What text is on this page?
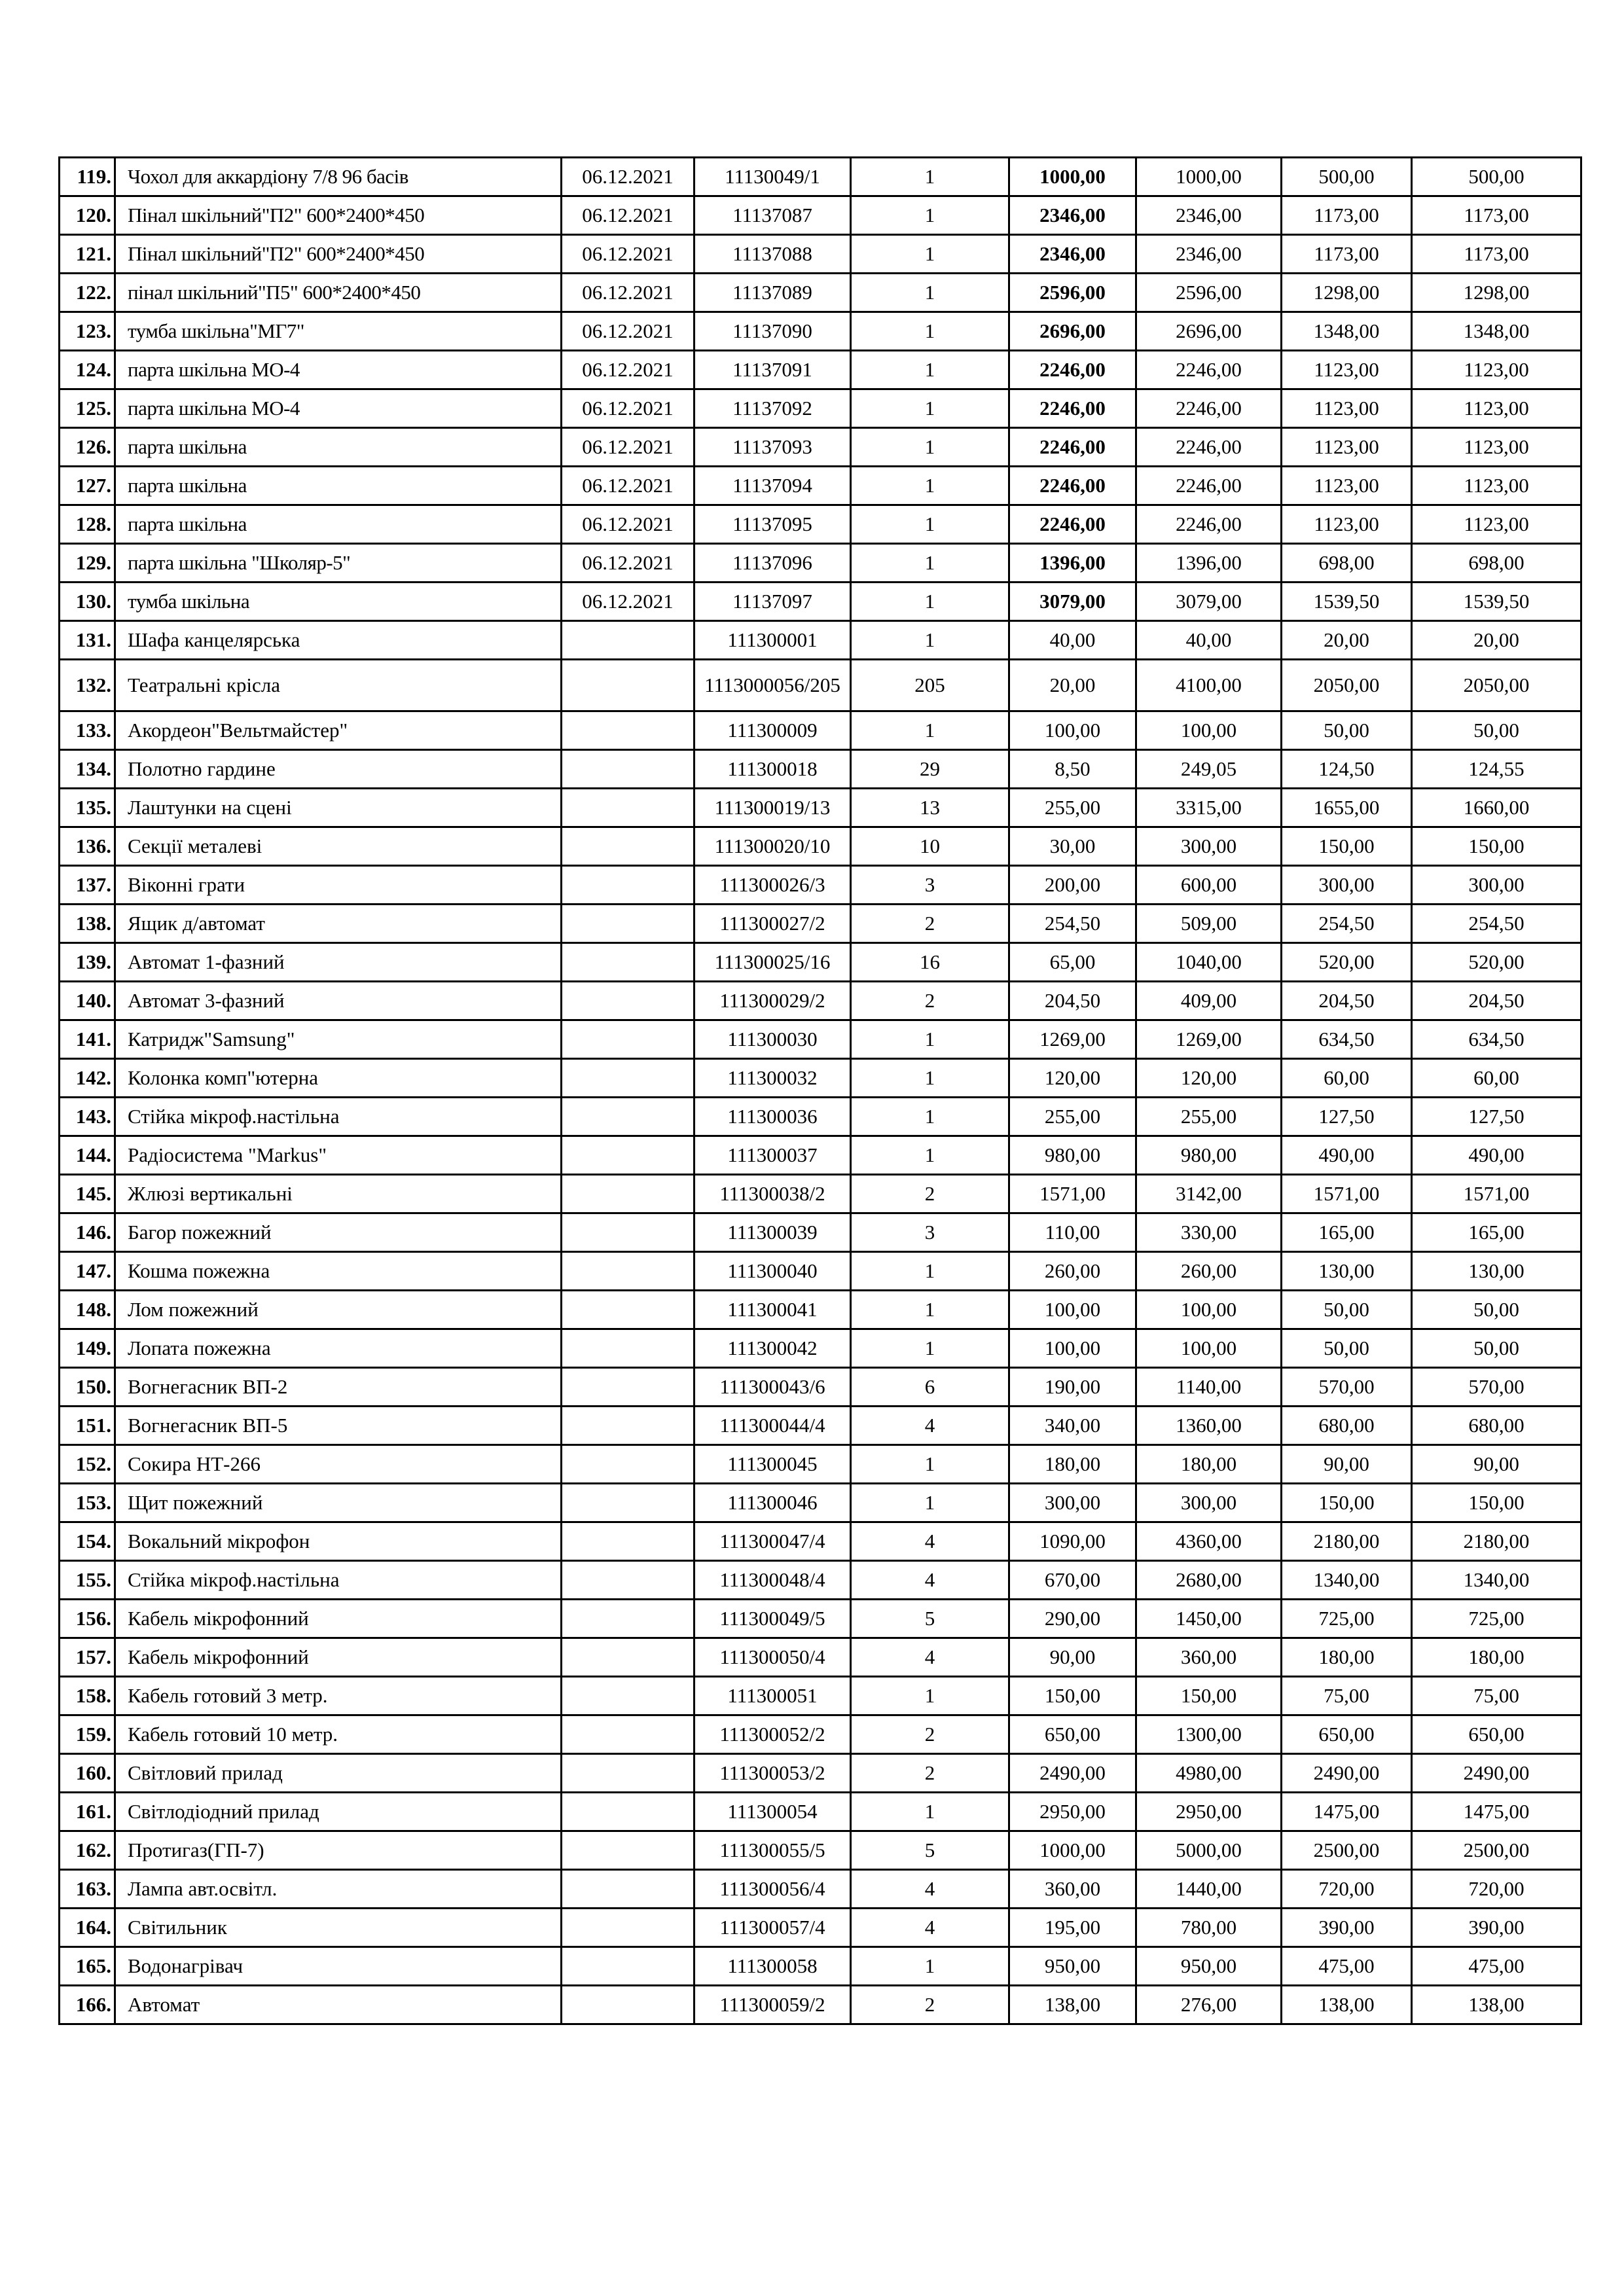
119.	Чохол для аккардіону 7/8 96 басів	06.12.2021	11130049/1	1	1000,00	1000,00	500,00	500,00
120.	Пінал шкільний"П2" 600*2400*450	06.12.2021	11137087	1	2346,00	2346,00	1173,00	1173,00
121.	Пінал шкільний"П2" 600*2400*450	06.12.2021	11137088	1	2346,00	2346,00	1173,00	1173,00
122.	пінал шкільний"П5" 600*2400*450	06.12.2021	11137089	1	2596,00	2596,00	1298,00	1298,00
123.	тумба шкільна"МГ7"	06.12.2021	11137090	1	2696,00	2696,00	1348,00	1348,00
124.	парта шкільна МО-4	06.12.2021	11137091	1	2246,00	2246,00	1123,00	1123,00
125.	парта шкільна МО-4	06.12.2021	11137092	1	2246,00	2246,00	1123,00	1123,00
126.	парта шкільна	06.12.2021	11137093	1	2246,00	2246,00	1123,00	1123,00
127.	парта шкільна	06.12.2021	11137094	1	2246,00	2246,00	1123,00	1123,00
128.	парта шкільна	06.12.2021	11137095	1	2246,00	2246,00	1123,00	1123,00
129.	парта шкільна "Школяр-5"	06.12.2021	11137096	1	1396,00	1396,00	698,00	698,00
130.	тумба шкільна	06.12.2021	11137097	1	3079,00	3079,00	1539,50	1539,50
131.	Шафа канцелярська		111300001	1	40,00	40,00	20,00	20,00
132.	Театральні крісла		1113000056/205	205	20,00	4100,00	2050,00	2050,00
133.	Акордеон"Вельтмайстер"		111300009	1	100,00	100,00	50,00	50,00
134.	Полотно гардине		111300018	29	8,50	249,05	124,50	124,55
135.	Лаштунки на сцені		111300019/13	13	255,00	3315,00	1655,00	1660,00
136.	Секції металеві		111300020/10	10	30,00	300,00	150,00	150,00
137.	Віконні грати		111300026/3	3	200,00	600,00	300,00	300,00
138.	Ящик д/автомат		111300027/2	2	254,50	509,00	254,50	254,50
139.	Автомат 1-фазний		111300025/16	16	65,00	1040,00	520,00	520,00
140.	Автомат 3-фазний		111300029/2	2	204,50	409,00	204,50	204,50
141.	Катридж"Samsung"		111300030	1	1269,00	1269,00	634,50	634,50
142.	Колонка комп"ютерна		111300032	1	120,00	120,00	60,00	60,00
143.	Стійка мікроф.настільна		111300036	1	255,00	255,00	127,50	127,50
144.	Радіосистема "Markus"		111300037	1	980,00	980,00	490,00	490,00
145.	Жлюзі вертикальні		111300038/2	2	1571,00	3142,00	1571,00	1571,00
146.	Багор пожежний		111300039	3	110,00	330,00	165,00	165,00
147.	Кошма пожежна		111300040	1	260,00	260,00	130,00	130,00
148.	Лом пожежний		111300041	1	100,00	100,00	50,00	50,00
149.	Лопата пожежна		111300042	1	100,00	100,00	50,00	50,00
150.	Вогнегасник ВП-2		111300043/6	6	190,00	1140,00	570,00	570,00
151.	Вогнегасник ВП-5		111300044/4	4	340,00	1360,00	680,00	680,00
152.	Сокира НТ-266		111300045	1	180,00	180,00	90,00	90,00
153.	Щит пожежний		111300046	1	300,00	300,00	150,00	150,00
154.	Вокальний мікрофон		111300047/4	4	1090,00	4360,00	2180,00	2180,00
155.	Стійка мікроф.настільна		111300048/4	4	670,00	2680,00	1340,00	1340,00
156.	Кабель мікрофонний		111300049/5	5	290,00	1450,00	725,00	725,00
157.	Кабель мікрофонний		111300050/4	4	90,00	360,00	180,00	180,00
158.	Кабель готовий 3 метр.		111300051	1	150,00	150,00	75,00	75,00
159.	Кабель готовий 10 метр.		111300052/2	2	650,00	1300,00	650,00	650,00
160.	Світловий прилад		111300053/2	2	2490,00	4980,00	2490,00	2490,00
161.	Світлодіодний прилад		111300054	1	2950,00	2950,00	1475,00	1475,00
162.	Протигаз(ГП-7)		111300055/5	5	1000,00	5000,00	2500,00	2500,00
163.	Лампа авт.освітл.		111300056/4	4	360,00	1440,00	720,00	720,00
164.	Світильник		111300057/4	4	195,00	780,00	390,00	390,00
165.	Водонагрівач		111300058	1	950,00	950,00	475,00	475,00
166.	Автомат		111300059/2	2	138,00	276,00	138,00	138,00
